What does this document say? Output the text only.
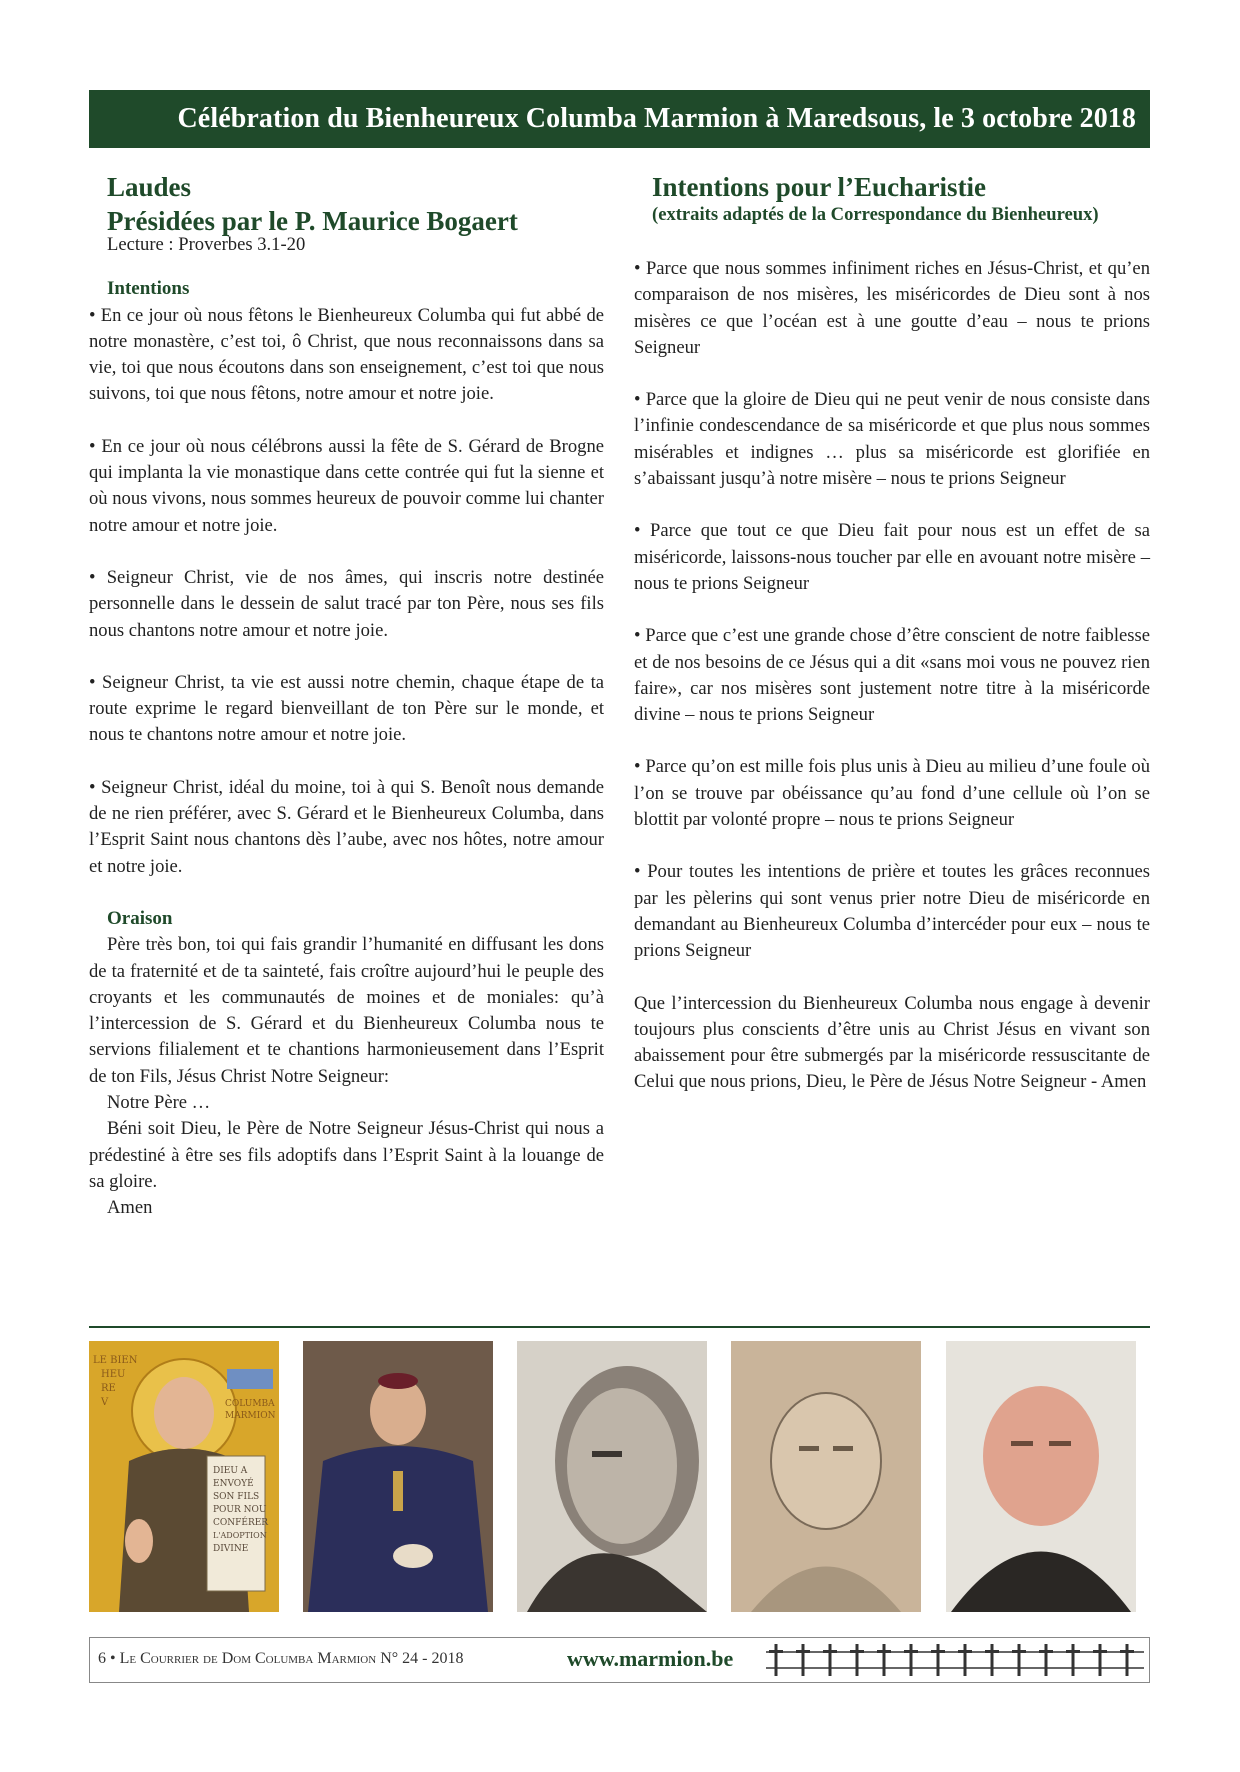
Célébration du Bienheureux Columba Marmion à Maredsous, le 3 octobre 2018
Laudes
Présidées par le P. Maurice Bogaert
Lecture : Proverbes 3.1-20
Intentions

• En ce jour où nous fêtons le Bienheureux Columba qui fut abbé de notre monastère, c’est toi, ô Christ, que nous reconnaissons dans sa vie, toi que nous écoutons dans son enseignement, c’est toi que nous suivons, toi que nous fêtons, notre amour et notre joie.

• En ce jour où nous célébrons aussi la fête de S. Gérard de Brogne qui implanta la vie monastique dans cette contrée qui fut la sienne et où nous vivons, nous sommes heureux de pouvoir comme lui chanter notre amour et notre joie.

• Seigneur Christ, vie de nos âmes, qui inscris notre destinée personnelle dans le dessein de salut tracé par ton Père, nous ses fils nous chantons notre amour et notre joie.

• Seigneur Christ, ta vie est aussi notre chemin, chaque étape de ta route exprime le regard bienveillant de ton Père sur le monde, et nous te chantons notre amour et notre joie.

• Seigneur Christ, idéal du moine, toi à qui S. Benoît nous demande de ne rien préférer, avec S. Gérard et le Bienheureux Columba, dans l’Esprit Saint nous chantons dès l’aube, avec nos hôtes, notre amour et notre joie.

Oraison

Père très bon, toi qui fais grandir l’humanité en diffusant les dons de ta fraternité et de ta sainteté, fais croître aujourd’hui le peuple des croyants et les communautés de moines et de moniales: qu’à l’intercession de S. Gérard et du Bienheureux Columba nous te servions filialement et te chantions harmonieusement dans l’Esprit de ton Fils, Jésus Christ Notre Seigneur:

Notre Père …

Béni soit Dieu, le Père de Notre Seigneur Jésus-Christ qui nous a prédestiné à être ses fils adoptifs dans l’Esprit Saint à la louange de sa gloire.

Amen

Intentions pour l’Eucharistie
(extraits adaptés de la Correspondance du Bienheureux)

• Parce que nous sommes infiniment riches en Jésus-Christ, et qu’en comparaison de nos misères, les miséricordes de Dieu sont à nos misères ce que l’océan est à une goutte d’eau – nous te prions Seigneur

• Parce que la gloire de Dieu qui ne peut venir de nous consiste dans l’infinie condescendance de sa miséricorde et que plus nous sommes misérables et indignes … plus sa miséricorde est glorifiée en s’abaissant jusqu’à notre misère – nous te prions Seigneur

• Parce que tout ce que Dieu fait pour nous est un effet de sa miséricorde, laissons-nous toucher par elle en avouant notre misère – nous te prions Seigneur

• Parce que c’est une grande chose d’être conscient de notre faiblesse et de nos besoins de ce Jésus qui a dit «sans moi vous ne pouvez rien faire», car nos misères sont justement notre titre à la miséricorde divine – nous te prions Seigneur

• Parce qu’on est mille fois plus unis à Dieu au milieu d’une foule où l’on se trouve par obéissance qu’au fond d’une cellule où l’on se blottit par volonté propre – nous te prions Seigneur

• Pour toutes les intentions de prière et toutes les grâces reconnues par les pèlerins qui sont venus prier notre Dieu de miséricorde en demandant au Bienheureux Columba d’intercéder pour eux – nous te prions Seigneur

Que l’intercession du Bienheureux Columba nous engage à devenir toujours plus conscients d’être unis au Christ Jésus en vivant son abaissement pour être submergés par la miséricorde ressuscitante de Celui que nous prions, Dieu, le Père de Jésus Notre Seigneur - Amen

LE BIEN
HEU
RE
V	COLUMBA
MARMION
DIEU A
ENVOYÉ
SON FILS
POUR NOU
CONFÉRER
L'ADOPTION
DIVINE
6 • Le Courrier de Dom Columba Marmion N° 24 - 2018	www.marmion.be
